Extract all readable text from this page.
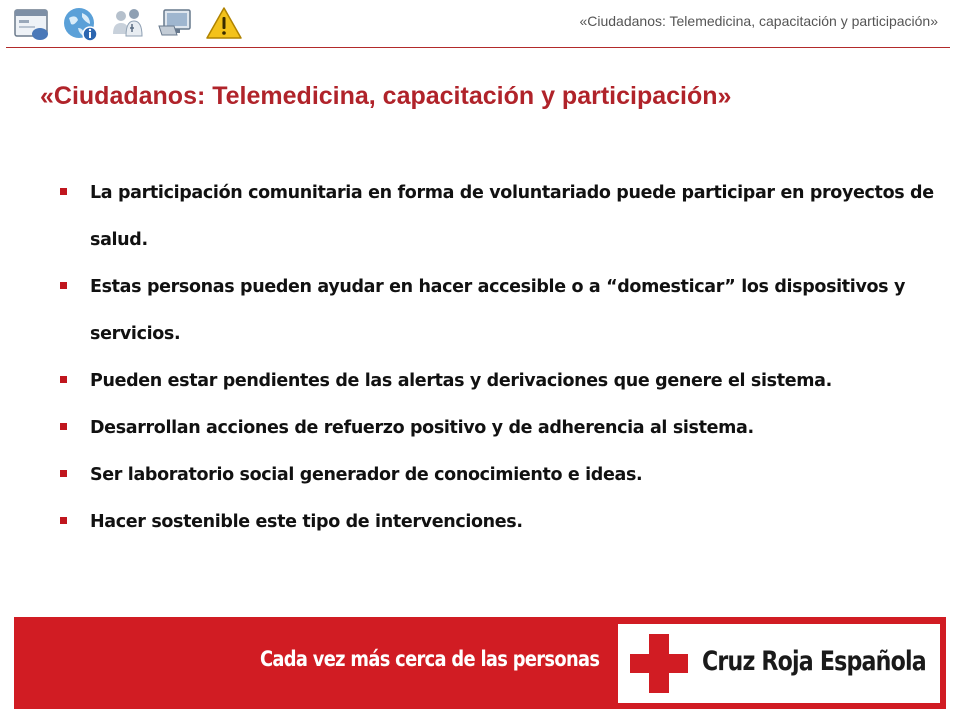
«Ciudadanos: Telemedicina, capacitación y participación»
«Ciudadanos: Telemedicina, capacitación y participación»
La participación comunitaria en forma de voluntariado puede participar en proyectos de salud.
Estas personas pueden ayudar en hacer accesible o a “domesticar” los dispositivos y servicios.
Pueden estar pendientes de las alertas y derivaciones que genere el sistema.
Desarrollan acciones de refuerzo positivo y de adherencia al sistema.
Ser laboratorio social generador de conocimiento e ideas.
Hacer sostenible este tipo de intervenciones.
Cada vez más cerca de las personas	Cruz Roja Española
